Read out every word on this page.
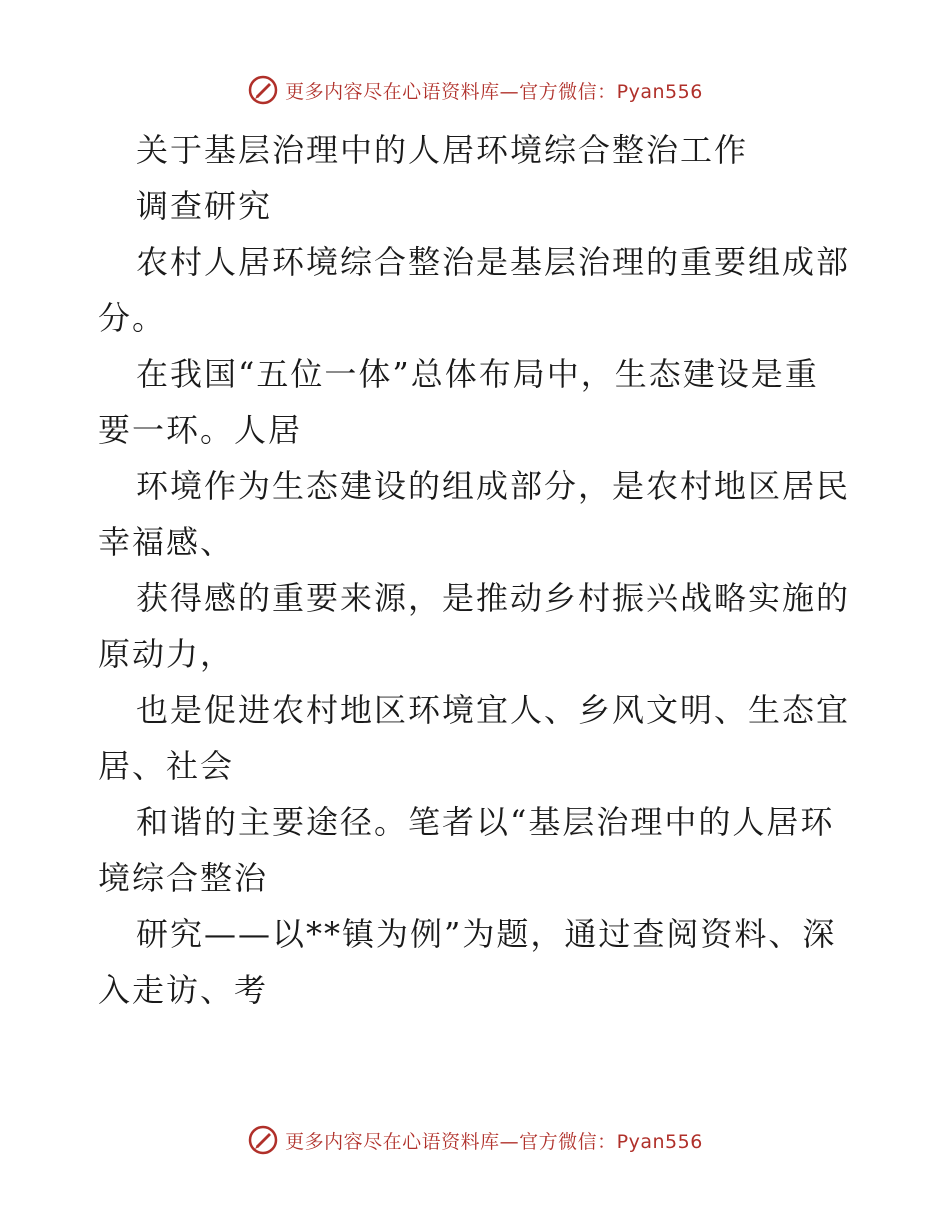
更多内容尽在心语资料库—官方微信：Pyan556
关于基层治理中的人居环境综合整治工作
调查研究
农村人居环境综合整治是基层治理的重要组成部
分。
在我国“五位一体”总体布局中，生态建设是重
要一环。人居
环境作为生态建设的组成部分，是农村地区居民
幸福感、
获得感的重要来源，是推动乡村振兴战略实施的
原动力，
也是促进农村地区环境宜人、乡风文明、生态宜
居、社会
和谐的主要途径。笔者以“基层治理中的人居环
境综合整治
研究——以**镇为例”为题，通过查阅资料、深
入走访、考
更多内容尽在心语资料库—官方微信：Pyan556
